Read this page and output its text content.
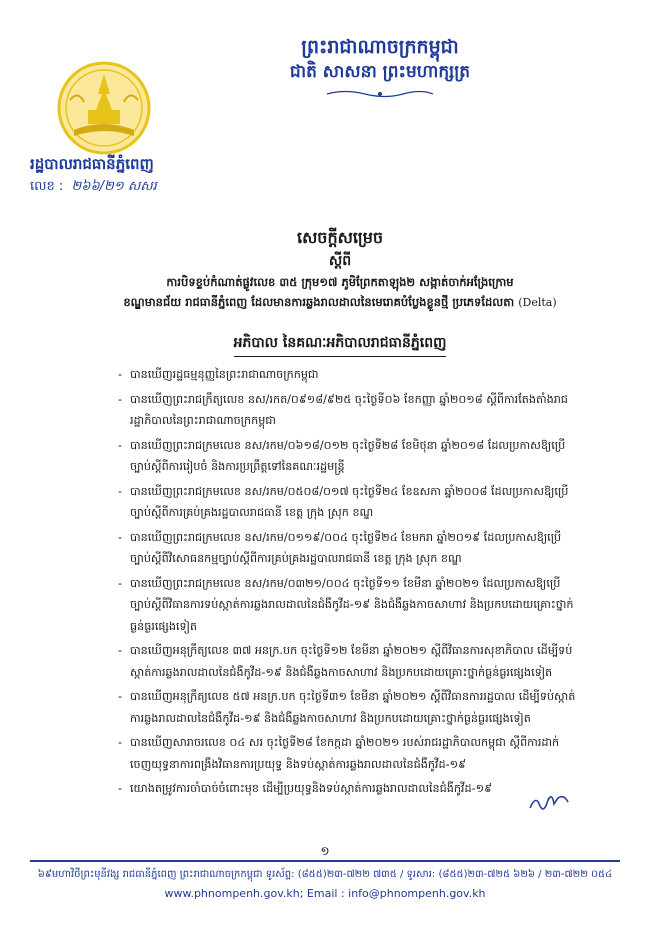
ព្រះរាជាណាចក្រកម្ពុជា
ជាតិ សាសនា ព្រះមហាក្សត្រ
រដ្ឋបាលរាជធានីភ្នំពេញ
លេខ : ២៦៦/២១ សសរ
សេចក្ដីសម្រេច
ស្ដីពី
ការបិទខ្ទប់កំណាត់ផ្លូវលេខ ៣៥ ក្រុម១៧ ភូមិព្រែកតាឡុង២ សង្កាត់ចាក់អង្រែក្រោម
ខណ្ឌមានជ័យ រាជធានីភ្នំពេញ ដែលមានការឆ្លងរាលដាលនៃមេរោគបំប្លែងខ្លួនថ្មី ប្រភេទដែលតា (Delta)
អភិបាល នៃគណៈអភិបាលរាជធានីភ្នំពេញ
- បានឃើញរដ្ឋធម្មនុញ្ញនៃព្រះរាជាណាចក្រកម្ពុជា
- បានឃើញព្រះរាជក្រឹត្យលេខ នស/រកត/០៩១៨/៩២៥ ចុះថ្ងៃទី០៦ ខែកញ្ញា ឆ្នាំ២០១៨ ស្ដីពីការតែងតាំងរាជរដ្ឋាភិបាលនៃព្រះរាជាណាចក្រកម្ពុជា
- បានឃើញព្រះរាជក្រមលេខ នស/រកម/០៦១៨/០១២ ចុះថ្ងៃទី២៨ ខែមិថុនា ឆ្នាំ២០១៨ ដែលប្រកាសឱ្យប្រើច្បាប់ស្ដីពីការរៀបចំ និងការប្រព្រឹត្តទៅនៃគណៈរដ្ឋមន្ត្រី
- បានឃើញព្រះរាជក្រមលេខ នស/រកម/០៥០៨/០១៧ ចុះថ្ងៃទី២៤ ខែឧសភា ឆ្នាំ២០០៨ ដែលប្រកាសឱ្យប្រើច្បាប់ស្ដីពីការគ្រប់គ្រងរដ្ឋបាលរាជធានី ខេត្ត ក្រុង ស្រុក ខណ្ឌ
- បានឃើញព្រះរាជក្រមលេខ នស/រកម/០១១៩/០០៤ ចុះថ្ងៃទី២៤ ខែមករា ឆ្នាំ២០១៩ ដែលប្រកាសឱ្យប្រើច្បាប់ស្ដីពីវិសោធនកម្មច្បាប់ស្ដីពីការគ្រប់គ្រងរដ្ឋបាលរាជធានី ខេត្ត ក្រុង ស្រុក ខណ្ឌ
- បានឃើញព្រះរាជក្រមលេខ នស/រកម/០៣២១/០០៤ ចុះថ្ងៃទី១១ ខែមីនា ឆ្នាំ២០២១ ដែលប្រកាសឱ្យប្រើច្បាប់ស្ដីពីវិធានការទប់ស្កាត់ការឆ្លងរាលដាលនៃជំងឺកូវីដ-១៩ និងជំងឺឆ្លងកាចសាហាវ និងប្រកបដោយគ្រោះថ្នាក់ធ្ងន់ធ្ងរផ្សេងទៀត
- បានឃើញអនុក្រឹត្យលេខ ៣៧ អនក្រ.បក ចុះថ្ងៃទី១២ ខែមីនា ឆ្នាំ២០២១ ស្ដីពីវិធានការសុខាភិបាល ដើម្បីទប់ស្កាត់ការឆ្លងរាលដាលនៃជំងឺកូវីដ-១៩ និងជំងឺឆ្លងកាចសាហាវ និងប្រកបដោយគ្រោះថ្នាក់ធ្ងន់ធ្ងរផ្សេងទៀត
- បានឃើញអនុក្រឹត្យលេខ ៥៧ អនក្រ.បក ចុះថ្ងៃទី៣១ ខែមីនា ឆ្នាំ២០២១ ស្ដីពីវិធានការរដ្ឋបាល ដើម្បីទប់ស្កាត់ការឆ្លងរាលដាលនៃជំងឺកូវីដ-១៩ និងជំងឺឆ្លងកាចសាហាវ និងប្រកបដោយគ្រោះថ្នាក់ធ្ងន់ធ្ងរផ្សេងទៀត
- បានឃើញសារាចរលេខ ០៤ សរ ចុះថ្ងៃទី២៨ ខែកក្កដា ឆ្នាំ២០២១ របស់រាជរដ្ឋាភិបាលកម្ពុជា ស្ដីពីការដាក់ចេញយុទ្ធនាការពង្រឹងវិធានការប្រយុទ្ធ និងទប់ស្កាត់ការឆ្លងរាលដាលនៃជំងឺកូវីដ-១៩
- យោងតម្រូវការចាំបាច់ចំពោះមុខ ដើម្បីប្រយុទ្ធនិងទប់ស្កាត់ការឆ្លងរាលដាលនៃជំងឺកូវីដ-១៩
១
៦៩មហាវិថីព្រះមុនីវង្ស រាជធានីភ្នំពេញ ព្រះរាជាណាចក្រកម្ពុជា ទូរស័ព្ទ: (៨៥៥)២៣-៧២២ ៧៣៥ / ទូរសារ: (៨៥៥)២៣-៧២៥ ៦២៦ / ២៣-៧២២ ០៥៤
www.phnompenh.gov.kh; Email : info@phnompenh.gov.kh
